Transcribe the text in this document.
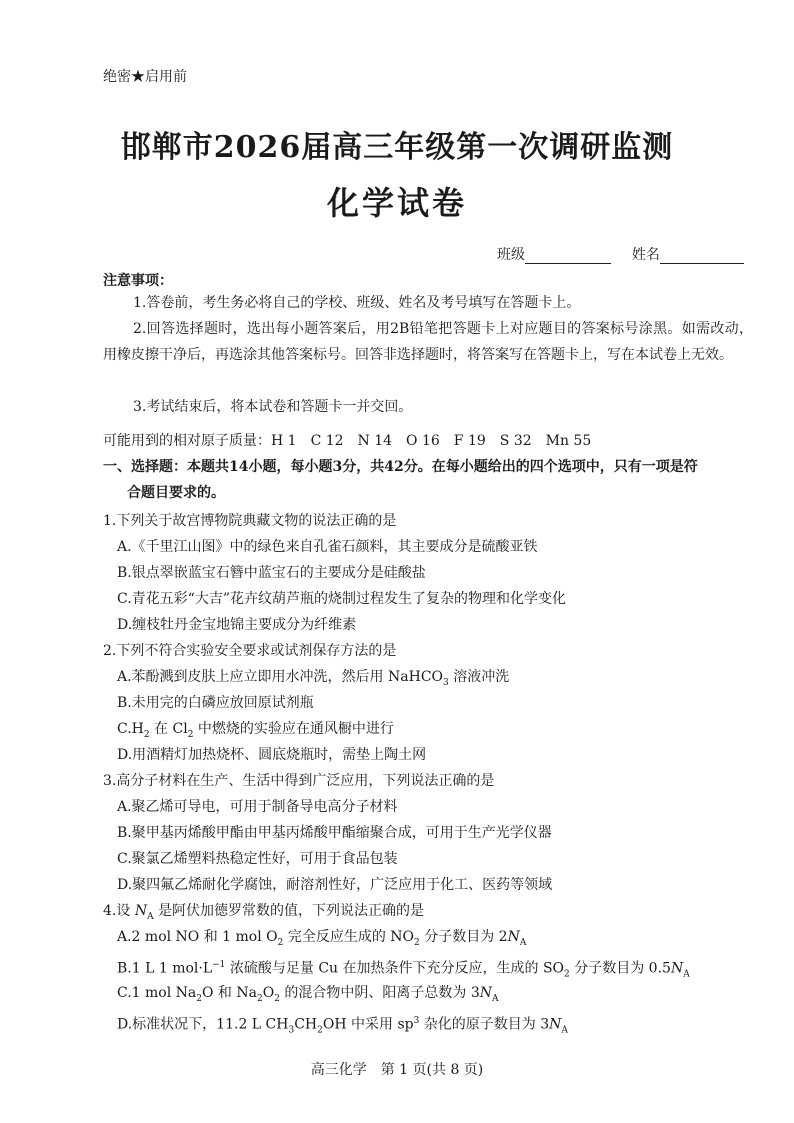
绝密★启用前
邯郸市2026届高三年级第一次调研监测
化学试卷
班级	姓名
注意事项：
1.答卷前，考生务必将自己的学校、班级、姓名及考号填写在答题卡上。
2.回答选择题时，选出每小题答案后，用2B铅笔把答题卡上对应题目的答案标号涂黑。如需改动，用橡皮擦干净后，再选涂其他答案标号。回答非选择题时，将答案写在答题卡上，写在本试卷上无效。
3.考试结束后，将本试卷和答题卡一并交回。
可能用到的相对原子质量：H 1　C 12　N 14　O 16　F 19　S 32　Mn 55
一、选择题：本题共14小题，每小题3分，共42分。在每小题给出的四个选项中，只有一项是符
合题目要求的。
1.下列关于故宫博物院典藏文物的说法正确的是
A.《千里江山图》中的绿色来自孔雀石颜料，其主要成分是硫酸亚铁
B.银点翠嵌蓝宝石簪中蓝宝石的主要成分是硅酸盐
C.青花五彩“大吉”花卉纹葫芦瓶的烧制过程发生了复杂的物理和化学变化
D.缠枝牡丹金宝地锦主要成分为纤维素
2.下列不符合实验安全要求或试剂保存方法的是
A.苯酚溅到皮肤上应立即用水冲洗，然后用 NaHCO$_3$ 溶液冲洗
B.未用完的白磷应放回原试剂瓶
$C.H_2$ 在 $Cl_2$ 中燃烧的实验应在通风橱中进行
D.用酒精灯加热烧杯、圆底烧瓶时，需垫上陶土网
3.高分子材料在生产、生活中得到广泛应用，下列说法正确的是
A.聚乙烯可导电，可用于制备导电高分子材料
B.聚甲基丙烯酸甲酯由甲基丙烯酸甲酯缩聚合成，可用于生产光学仪器
C.聚氯乙烯塑料热稳定性好，可用于食品包装
D.聚四氟乙烯耐化学腐蚀，耐溶剂性好，广泛应用于化工、医药等领域
4.设 $N_A$ 是阿伏加德罗常数的值，下列说法正确的是
A.2 mol NO 和 1 mol $O_2$ 完全反应生成的 $NO_2$ 分子数目为 $2N_A$
B.1 L 1 $mol\cdot L^{-1}$ 浓硫酸与足量 Cu 在加热条件下充分反应，生成的 $SO_2$ 分子数目为 $0.5N_A$
C.1 mol $Na_2O$ 和 $Na_2O_2$ 的混合物中阴、阳离子总数为 $3N_A$
D.标准状况下，11.2 L $CH_3CH_2OH$ 中采用 $sp^3$ 杂化的原子数目为 $3N_A$
高三化学　第 1 页(共 8 页)
